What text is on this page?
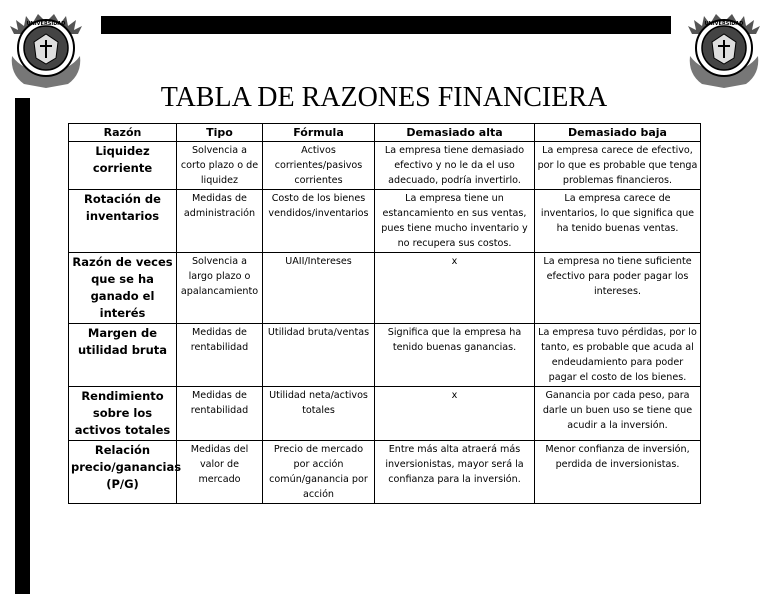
UNIVERSIDAD	UNIVERSIDAD
TABLA DE RAZONES FINANCIERA
Razón	Tipo	Fórmula	Demasiado alta	Demasiado baja
Liquidez corriente	Solvencia a corto plazo o de liquidez	Activos corrientes/pasivos corrientes	La empresa tiene demasiado efectivo y no le da el uso adecuado, podría invertirlo.	La empresa carece de efectivo, por lo que es probable que tenga problemas financieros.
Rotación de inventarios	Medidas de administración	Costo de los bienes vendidos/inventarios	La empresa tiene un estancamiento en sus ventas, pues tiene mucho inventario y no recupera sus costos.	La empresa carece de inventarios, lo que significa que ha tenido buenas ventas.
Razón de veces que se ha ganado el interés	Solvencia a largo plazo o apalancamiento	UAII/Intereses	x	La empresa no tiene suficiente efectivo para poder pagar los intereses.
Margen de utilidad bruta	Medidas de rentabilidad	Utilidad bruta/ventas	Significa que la empresa ha tenido buenas ganancias.	La empresa tuvo pérdidas, por lo tanto, es probable que acuda al endeudamiento para poder pagar el costo de los bienes.
Rendimiento sobre los activos totales	Medidas de rentabilidad	Utilidad neta/activos totales	x	Ganancia por cada peso, para darle un buen uso se tiene que acudir a la inversión.
Relación precio/ganancias (P/G)	Medidas del valor de mercado	Precio de mercado por acción común/ganancia por acción	Entre más alta atraerá más inversionistas, mayor será la confianza para la inversión.	Menor confianza de inversión, perdida de inversionistas.
